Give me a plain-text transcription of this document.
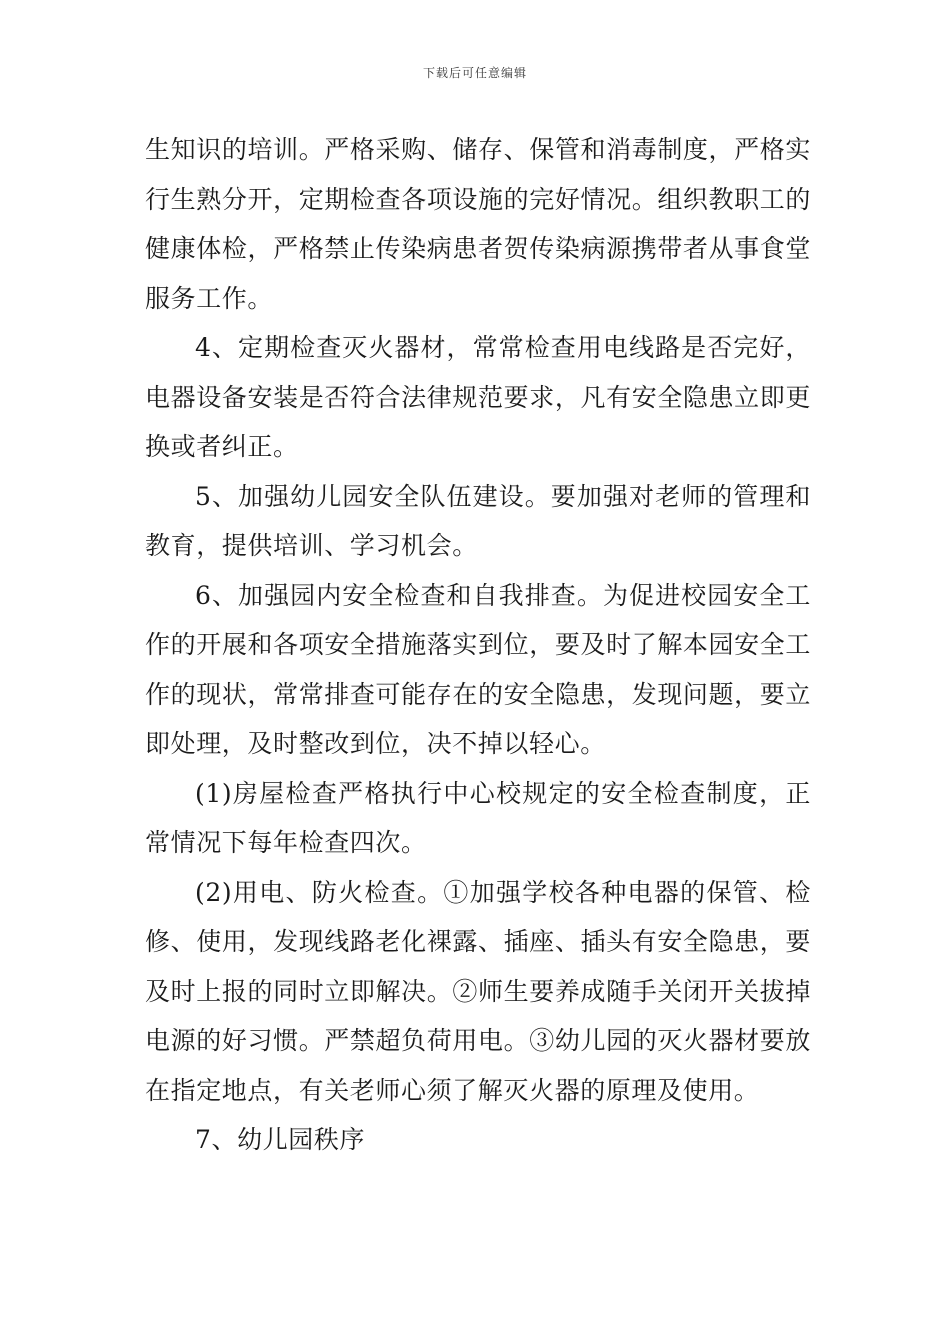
下载后可任意编辑

生知识的培训。严格采购、储存、保管和消毒制度，严格实行生熟分开，定期检查各项设施的完好情况。组织教职工的健康体检，严格禁止传染病患者贺传染病源携带者从事食堂服务工作。

4、定期检查灭火器材，常常检查用电线路是否完好，电器设备安装是否符合法律规范要求，凡有安全隐患立即更换或者纠正。

5、加强幼儿园安全队伍建设。要加强对老师的管理和教育，提供培训、学习机会。

6、加强园内安全检查和自我排查。为促进校园安全工作的开展和各项安全措施落实到位，要及时了解本园安全工作的现状，常常排查可能存在的安全隐患，发现问题，要立即处理，及时整改到位，决不掉以轻心。

(1)房屋检查严格执行中心校规定的安全检查制度，正常情况下每年检查四次。

(2)用电、防火检查。①加强学校各种电器的保管、检修、使用，发现线路老化裸露、插座、插头有安全隐患，要及时上报的同时立即解决。②师生要养成随手关闭开关拔掉电源的好习惯。严禁超负荷用电。③幼儿园的灭火器材要放在指定地点，有关老师心须了解灭火器的原理及使用。

7、幼儿园秩序
